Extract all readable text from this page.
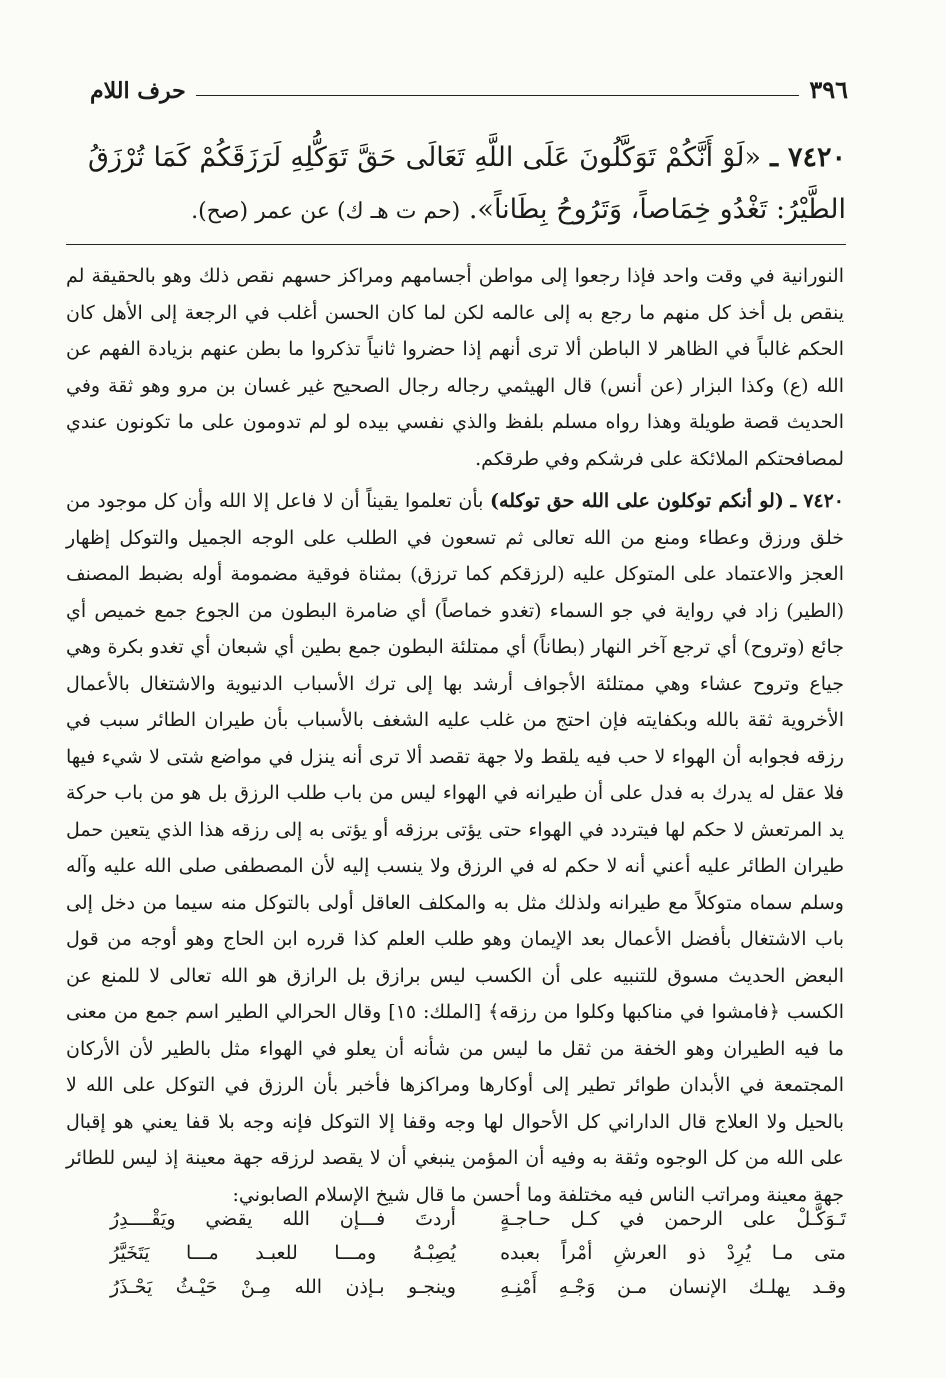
٣٩٦
حرف اللام
٧٤٢٠ ـ «لَوْ أَنَّكُمْ تَوَكَّلُونَ عَلَى اللَّهِ تَعَالَى حَقَّ تَوَكُّلِهِ لَرَزَقَكُمْ كَمَا تُرْزَقُ الطَّيْرُ: تَغْدُو خِمَاصاً، وَتَرُوحُ بِطَاناً». (حم ت هـ ك) عن عمر (صح).

النورانية في وقت واحد فإذا رجعوا إلى مواطن أجسامهم ومراكز حسهم نقص ذلك وهو بالحقيقة لم ينقص بل أخذ كل منهم ما رجع به إلى عالمه لكن لما كان الحسن أغلب في الرجعة إلى الأهل كان الحكم غالباً في الظاهر لا الباطن ألا ترى أنهم إذا حضروا ثانياً تذكروا ما بطن عنهم بزيادة الفهم عن الله (ع) وكذا البزار (عن أنس) قال الهيثمي رجاله رجال الصحيح غير غسان بن مرو وهو ثقة وفي الحديث قصة طويلة وهذا رواه مسلم بلفظ والذي نفسي بيده لو لم تدومون على ما تكونون عندي لمصافحتكم الملائكة على فرشكم وفي طرقكم.

٧٤٢٠ ـ (لو أنكم توكلون على الله حق توكله) بأن تعلموا يقيناً أن لا فاعل إلا الله وأن كل موجود من خلق ورزق وعطاء ومنع من الله تعالى ثم تسعون في الطلب على الوجه الجميل والتوكل إظهار العجز والاعتماد على المتوكل عليه (لرزقكم كما ترزق) بمثناة فوقية مضمومة أوله بضبط المصنف (الطير) زاد في رواية في جو السماء (تغدو خماصاً) أي ضامرة البطون من الجوع جمع خميص أي جائع (وتروح) أي ترجع آخر النهار (بطاناً) أي ممتلئة البطون جمع بطين أي شبعان أي تغدو بكرة وهي جياع وتروح عشاء وهي ممتلئة الأجواف أرشد بها إلى ترك الأسباب الدنيوية والاشتغال بالأعمال الأخروية ثقة بالله وبكفايته فإن احتج من غلب عليه الشغف بالأسباب بأن طيران الطائر سبب في رزقه فجوابه أن الهواء لا حب فيه يلقط ولا جهة تقصد ألا ترى أنه ينزل في مواضع شتى لا شيء فيها فلا عقل له يدرك به فدل على أن طيرانه في الهواء ليس من باب طلب الرزق بل هو من باب حركة يد المرتعش لا حكم لها فيتردد في الهواء حتى يؤتى برزقه أو يؤتى به إلى رزقه هذا الذي يتعين حمل طيران الطائر عليه أعني أنه لا حكم له في الرزق ولا ينسب إليه لأن المصطفى صلى الله عليه وآله وسلم سماه متوكلاً مع طيرانه ولذلك مثل به والمكلف العاقل أولى بالتوكل منه سيما من دخل إلى باب الاشتغال بأفضل الأعمال بعد الإيمان وهو طلب العلم كذا قرره ابن الحاج وهو أوجه من قول البعض الحديث مسوق للتنبيه على أن الكسب ليس برازق بل الرازق هو الله تعالى لا للمنع عن الكسب ﴿فامشوا في مناكبها وكلوا من رزقه﴾ [الملك: ١٥] وقال الحرالي الطير اسم جمع من معنى ما فيه الطيران وهو الخفة من ثقل ما ليس من شأنه أن يعلو في الهواء مثل بالطير لأن الأركان المجتمعة في الأبدان طوائر تطير إلى أوكارها ومراكزها فأخبر بأن الرزق في التوكل على الله لا بالحيل ولا العلاج قال الداراني كل الأحوال لها وجه وقفا إلا التوكل فإنه وجه بلا قفا يعني هو إقبال على الله من كل الوجوه وثقة به وفيه أن المؤمن ينبغي أن لا يقصد لرزقه جهة معينة إذ ليس للطائر جهة معينة ومراتب الناس فيه مختلفة وما أحسن ما قال شيخ الإسلام الصابوني:

تَـوَكَّـلْ على الرحمن في كـل حـاجـةٍ
أردتَ فـــإن الله يقضي ويَقْــــدِرُ
متى مـا يُرِدْ ذو العرشِ أمْراً بعبده
يُصِبْـهُ ومـــا للعبـد مـــا يَتَخَيَّرُ
وقـد يهلـك الإنسان مـن وَجْـهِ أَمْنِـهِ
وينجـو بـإذن الله مِـنْ حَيْـثُ يَحْـذَرُ
